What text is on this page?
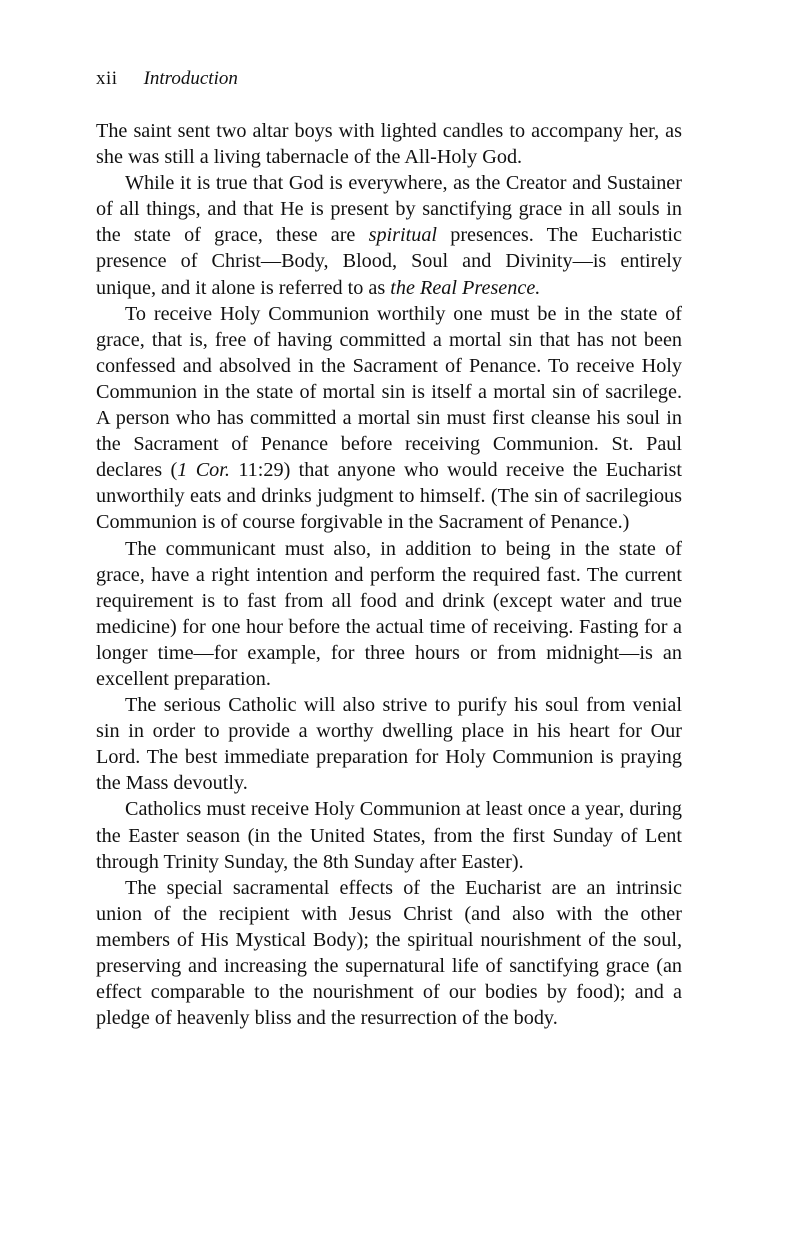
xii Introduction

The saint sent two altar boys with lighted candles to accompany her, as she was still a living tabernacle of the All-Holy God.

While it is true that God is everywhere, as the Creator and Sustainer of all things, and that He is present by sanctifying grace in all souls in the state of grace, these are spiritual presences. The Eucharistic presence of Christ—Body, Blood, Soul and Divinity—is entirely unique, and it alone is referred to as the Real Presence.

To receive Holy Communion worthily one must be in the state of grace, that is, free of having committed a mortal sin that has not been confessed and absolved in the Sacrament of Penance. To receive Holy Communion in the state of mortal sin is itself a mortal sin of sacrilege. A person who has committed a mortal sin must first cleanse his soul in the Sacrament of Penance before receiving Communion. St. Paul declares (1 Cor. 11:29) that anyone who would receive the Eucharist unworthily eats and drinks judgment to himself. (The sin of sacrilegious Communion is of course forgivable in the Sacrament of Penance.)

The communicant must also, in addition to being in the state of grace, have a right intention and perform the required fast. The current requirement is to fast from all food and drink (except water and true medicine) for one hour before the actual time of receiving. Fasting for a longer time—for example, for three hours or from midnight—is an excellent preparation.

The serious Catholic will also strive to purify his soul from venial sin in order to provide a worthy dwelling place in his heart for Our Lord. The best immediate preparation for Holy Communion is praying the Mass devoutly.

Catholics must receive Holy Communion at least once a year, during the Easter season (in the United States, from the first Sunday of Lent through Trinity Sunday, the 8th Sunday after Easter).

The special sacramental effects of the Eucharist are an intrinsic union of the recipient with Jesus Christ (and also with the other members of His Mystical Body); the spiritual nourishment of the soul, preserving and increasing the supernatural life of sanctifying grace (an effect comparable to the nourishment of our bodies by food); and a pledge of heavenly bliss and the resurrection of the body.
